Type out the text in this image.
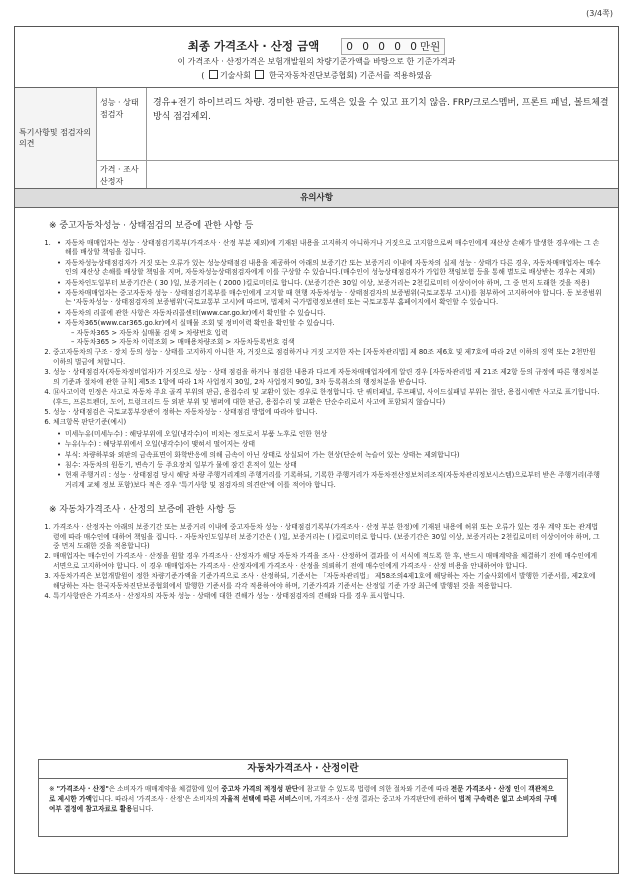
(3/4쪽)
최종 가격조사 · 산정 금액	0 0 0 0 0만원
이 가격조사 · 산정가격은 보험개발원의 차량기준가액을 바탕으로 한 기준가격과
( 기술사회 한국자동차진단보증협회) 기준서를 적용하였음
특기사항및 점검자의의견
성능 · 상태점검자
경유+전기 하이브리드 차량. 경미한 판금, 도색은 있을 수 있고 표기치 않음. FRP/크로스멤버, 프론트 패널, 볼트체결방식 점검제외.
가격 · 조사산정자
유의사항
※ 중고자동차성능 · 상태점검의 보증에 관한 사항 등
• 1. 자동차 매매업자는 성능 · 상태점검기록부(가격조사 · 산정 부분 제외)에 기재된 내용을 고지하지 아니하거나 거짓으로 고지함으로써 매수인에게 재산상 손해가 발생한 경우에는 그 손해를 배상할 책임을 집니다.
• 자동차성능상태점검자가 거짓 또는 오류가 있는 성능상태점검 내용을 제공하여 아래의 보증기간 또는 보증거리 이내에 자동차의 실제 성능 · 상태가 다른 경우, 자동차매매업자는 매수인의 재산상 손해를 배상할 책임을 지며, 자동차성능상태점검자에게 이를 구상할 수 있습니다.(매수인이 성능상태점검자가 가입한 책임보험 등을 통해 별도로 배상받는 경우는 제외)
• 자동차인도일부터 보증기간은 ( 30 )일, 보증거리는 ( 2000 )킬로미터로 합니다. (보증기간은 30일 이상, 보증거리는 2천킬로미터 이상이어야 하며, 그 중 먼저 도래한 것을 적용)
• 자동차매매업자는 중고자동차 성능 · 상태점검기록부를 매수인에게 고지할 때 현행 자동차성능 · 상태점검자의 보증범위(국토교통부 고시)를 첨부하여 고지하여야 합니다. 동 보증범위는 '자동차성능 · 상태점검자의 보증범위'(국토교통부 고시)에 따르며, 법제처 국가법령정보센터 또는 국토교통부 홈페이지에서 확인할 수 있습니다.
• 자동차의 리콜에 관한 사항은 자동차리콜센터(www.car.go.kr)에서 확인할 수 있습니다.
• 자동차365(www.car365.go.kr)에서 실매물 조회 및 정비이력 확인을 확인할 수 있습니다.
– 자동차365 > 자동차 실매물 검색 > 차량번호 입력
– 자동차365 > 자동차 이력조회 > 매매용차량조회 > 자동차등록번호 검색
2. 중고자동차의 구조 · 장치 등의 성능 · 상태를 고지하지 아니한 자, 거짓으로 점검하거나 거짓 고지한 자는 [자동차관리법] 제 80조 제6호 및 제7호에 따라 2년 이하의 징역 또는 2천만원 이하의 벌금에 처합니다.
3. 성능 · 상태점검자(자동차정비업자)가 거짓으로 성능 · 상태 점검을 하거나 점검한 내용과 다르게 자동차매매업자에게 알린 경우 [자동차관리법 제 21조 제2항 등의 규정에 따른 행정처분의 기준과 절차에 관한 규칙] 제5조 1항에 따라 1차 사업정지 30일, 2차 사업정지 90일, 3차 등록취소의 행정처분을 받습니다.
4. ⑭사고이력 인정은 사고로 자동차 주요 골격 부위의 판금, 용접수리 및 교환이 있는 경우로 한정합니다. 단 쿼터패널, 루프패널, 사이드실패널 부위는 절단, 용접시에만 사고로 표기합니다. (후드, 프론트펜더, 도어, 트렁크리드 등 외판 부위 및 범퍼에 대한 판금, 용접수리 및 교환은 단순수리로서 사고에 포함되지 않습니다)
5. 성능 · 상태점검은 국토교통부장관이 정하는 자동차성능 · 상태점검 방법에 따라야 합니다.
6. 체크항목 판단기준(예시)
• 미세누유(미세누수) : 해당부위에 오일(냉각수)이 비치는 정도로서 부품 노후로 인한 현상
• 누유(누수) : 해당부위에서 오일(냉각수)이 맺혀서 떨어지는 상태
• 부식: 차량하부와 외판의 금속표면이 화학반응에 의해 금속이 아닌 상태로 상실되어 가는 현상(단순히 녹슬어 있는 상태는 제외합니다)
• 침수: 자동차의 원동기, 변속기 등 주요장치 일부가 물에 잠긴 흔적이 있는 상태
• 현재 주행거리 : 성능 · 상태점검 당시 해당 차량 주행거리계의 주행거리를 기록하되, 기록한 주행거리가 자동차전산정보처리조직(자동차관리정보시스템)으로부터 받은 주행거리(주행거리계 교체 정보 포함)보다 적은 경우 '특기사항 및 점검자의 의견란'에 이를 적어야 합니다.
※ 자동차가격조사 · 산정의 보증에 관한 사항 등
1. 가격조사 · 산정자는 아래의 보증기간 또는 보증거리 이내에 중고자동차 성능 · 상태점검기록부(가격조사 · 산정 부분 한정)에 기재된 내용에 허위 또는 오류가 있는 경우 계약 또는 관계법령에 따라 매수인에 대하여 책임을 집니다. - 자동차인도일부터 보증기간은 ( )일, 보증거리는 ( )킬로미터로 합니다. (보증기간은 30일 이상, 보증거리는 2천킬로미터 이상이어야 하며, 그 중 먼저 도래한 것을 적용합니다)
2. 매매업자는 매수인이 가격조사 · 산정을 원할 경우 가격조사 · 산정자가 해당 자동차 가격을 조사 · 산정하여 결과를 이 서식에 적도록 한 후, 반드시 매매계약을 체결하기 전에 매수인에게 서면으로 고지하여야 합니다. 이 경우 매매업자는 가격조사 · 산정자에게 가격조사 · 산정을 의뢰하기 전에 매수인에게 가격조사 · 산정 비용을 안내하여야 합니다.
3. 자동차가격은 보험개발원이 정한 차량기준가액을 기준가격으로 조사 · 산정하되, 기준서는 「자동차관리법」 제58조의4제1호에 해당하는 자는 기술사회에서 발행한 기준서를, 제2호에 해당하는 자는 한국자동차진단보증협회에서 발행한 기준서를 각각 적용하여야 하며, 기준가격과 기준서는 산정일 기준 가장 최근에 발행된 것을 적용합니다.
4. 특기사항란은 가격조사 · 산정자의 자동차 성능 · 상태에 대한 견해가 성능 · 상태점검자의 견해와 다를 경우 표시합니다.
자동차가격조사 · 산정이란
※ "가격조사 · 산정"은 소비자가 매매계약을 체결함에 있어 중고차 가격의 적정성 판단에 참고할 수 있도록 법령에 의한 절차와 기준에 따라 전문 가격조사 · 산정 인이 객관적으로 제시한 가액입니다. 따라서 '가격조사 · 산정'은 소비자의 자율적 선택에 따른 서비스이며, 가격조사 · 산정 결과는 중고차 가격판단에 관하여 법적 구속력은 없고 소비자의 구매여부 결정에 참고자료로 활용됩니다.
